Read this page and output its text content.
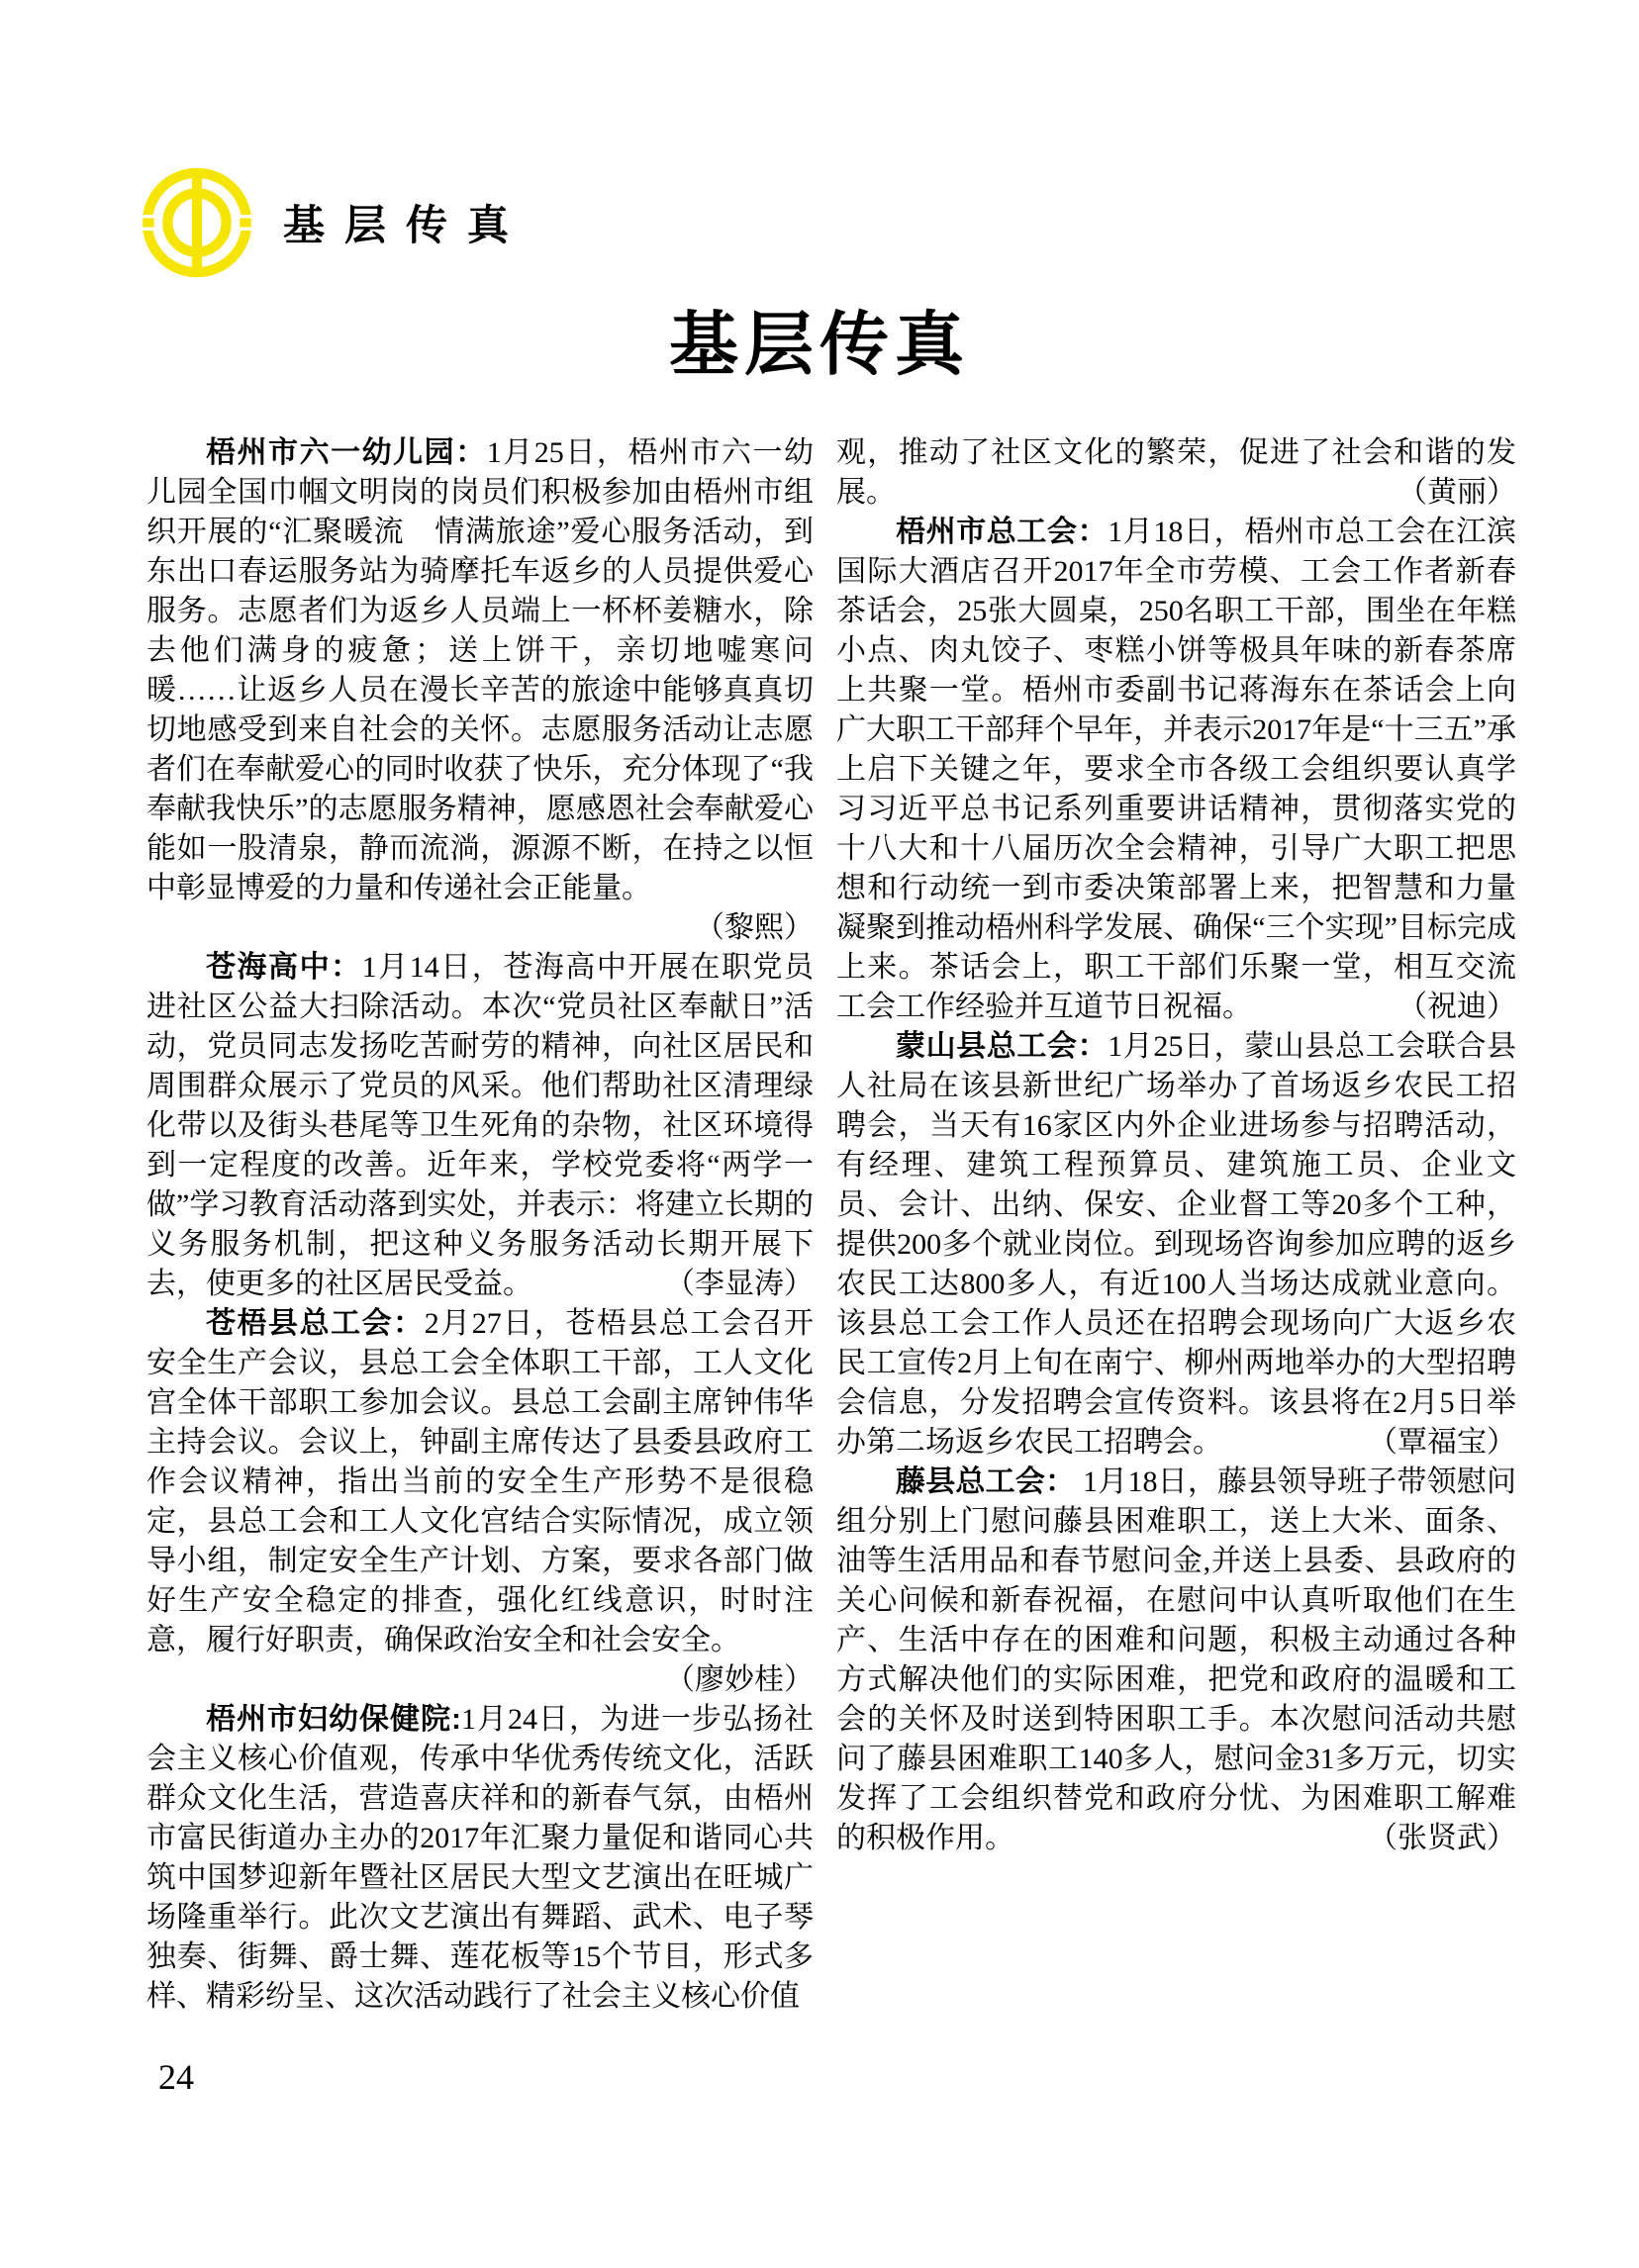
基层传真
基层传真

梧州市六一幼儿园：1月25日，梧州市六一幼儿园全国巾帼文明岗的岗员们积极参加由梧州市组织开展的“汇聚暖流　情满旅途”爱心服务活动，到东出口春运服务站为骑摩托车返乡的人员提供爱心服务。志愿者们为返乡人员端上一杯杯姜糖水，除去他们满身的疲惫；送上饼干，亲切地嘘寒问暖……让返乡人员在漫长辛苦的旅途中能够真真切切地感受到来自社会的关怀。志愿服务活动让志愿者们在奉献爱心的同时收获了快乐，充分体现了“我奉献我快乐”的志愿服务精神，愿感恩社会奉献爱心能如一股清泉，静而流淌，源源不断，在持之以恒中彰显博爱的力量和传递社会正能量。
（黎熙）

苍海高中：1月14日，苍海高中开展在职党员进社区公益大扫除活动。本次“党员社区奉献日”活动，党员同志发扬吃苦耐劳的精神，向社区居民和周围群众展示了党员的风采。他们帮助社区清理绿化带以及街头巷尾等卫生死角的杂物，社区环境得到一定程度的改善。近年来，学校党委将“两学一做”学习教育活动落到实处，并表示：将建立长期的义务服务机制，把这种义务服务活动长期开展下去，使更多的社区居民受益。	（李显涛）

苍梧县总工会：2月27日，苍梧县总工会召开安全生产会议，县总工会全体职工干部，工人文化宫全体干部职工参加会议。县总工会副主席钟伟华主持会议。会议上，钟副主席传达了县委县政府工作会议精神，指出当前的安全生产形势不是很稳定，县总工会和工人文化宫结合实际情况，成立领导小组，制定安全生产计划、方案，要求各部门做好生产安全稳定的排查，强化红线意识，时时注意，履行好职责，确保政治安全和社会安全。
（廖妙桂）

梧州市妇幼保健院:1月24日，为进一步弘扬社会主义核心价值观，传承中华优秀传统文化，活跃群众文化生活，营造喜庆祥和的新春气氛，由梧州市富民街道办主办的2017年汇聚力量促和谐同心共筑中国梦迎新年暨社区居民大型文艺演出在旺城广场隆重举行。此次文艺演出有舞蹈、武术、电子琴独奏、街舞、爵士舞、莲花板等15个节目，形式多样、精彩纷呈、这次活动践行了社会主义核心价值

观，推动了社区文化的繁荣，促进了社会和谐的发展。	（黄丽）

梧州市总工会：1月18日，梧州市总工会在江滨国际大酒店召开2017年全市劳模、工会工作者新春茶话会，25张大圆桌，250名职工干部，围坐在年糕小点、肉丸饺子、枣糕小饼等极具年味的新春茶席上共聚一堂。梧州市委副书记蒋海东在茶话会上向广大职工干部拜个早年，并表示2017年是“十三五”承上启下关键之年，要求全市各级工会组织要认真学习习近平总书记系列重要讲话精神，贯彻落实党的十八大和十八届历次全会精神，引导广大职工把思想和行动统一到市委决策部署上来，把智慧和力量凝聚到推动梧州科学发展、确保“三个实现”目标完成上来。茶话会上，职工干部们乐聚一堂，相互交流工会工作经验并互道节日祝福。	（祝迪）

蒙山县总工会：1月25日，蒙山县总工会联合县人社局在该县新世纪广场举办了首场返乡农民工招聘会，当天有16家区内外企业进场参与招聘活动，有经理、建筑工程预算员、建筑施工员、企业文员、会计、出纳、保安、企业督工等20多个工种，提供200多个就业岗位。到现场咨询参加应聘的返乡农民工达800多人，有近100人当场达成就业意向。该县总工会工作人员还在招聘会现场向广大返乡农民工宣传2月上旬在南宁、柳州两地举办的大型招聘会信息，分发招聘会宣传资料。该县将在2月5日举办第二场返乡农民工招聘会。	（覃福宝）

藤县总工会： 1月18日，藤县领导班子带领慰问组分别上门慰问藤县困难职工，送上大米、面条、油等生活用品和春节慰问金,并送上县委、县政府的关心问候和新春祝福，在慰问中认真听取他们在生产、生活中存在的困难和问题，积极主动通过各种方式解决他们的实际困难，把党和政府的温暖和工会的关怀及时送到特困职工手。本次慰问活动共慰问了藤县困难职工140多人，慰问金31多万元，切实发挥了工会组织替党和政府分忧、为困难职工解难的积极作用。	（张贤武）

24
